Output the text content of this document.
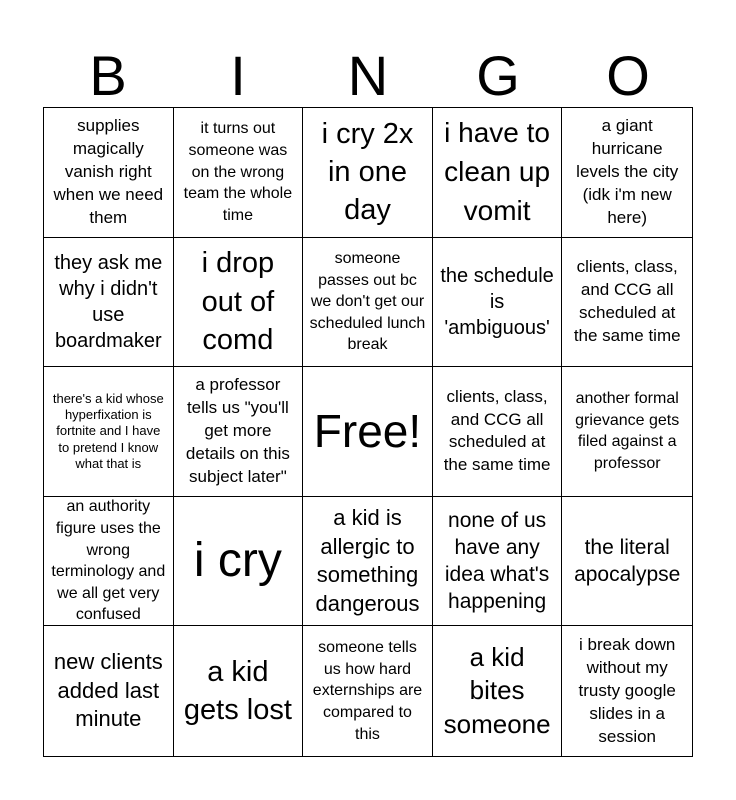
B	I	N	G	O
supplies magically vanish right when we need them
it turns out someone was on the wrong team the whole time
i cry 2x in one day
i have to clean up vomit
a giant hurricane levels the city (idk i'm new here)
they ask me why i didn't use boardmaker
i drop out of comd
someone passes out bc we don't get our scheduled lunch break
the schedule is 'ambiguous'
clients, class, and CCG all scheduled at the same time
there's a kid whose hyperfixation is fortnite and I have to pretend I know what that is
a professor tells us "you'll get more details on this subject later"
Free!
clients, class, and CCG all scheduled at the same time
another formal grievance gets filed against a professor
an authority figure uses the wrong terminology and we all get very confused
i cry
a kid is allergic to something dangerous
none of us have any idea what's happening
the literal apocalypse
new clients added last minute
a kid gets lost
someone tells us how hard externships are compared to this
a kid bites someone
i break down without my trusty google slides in a session
